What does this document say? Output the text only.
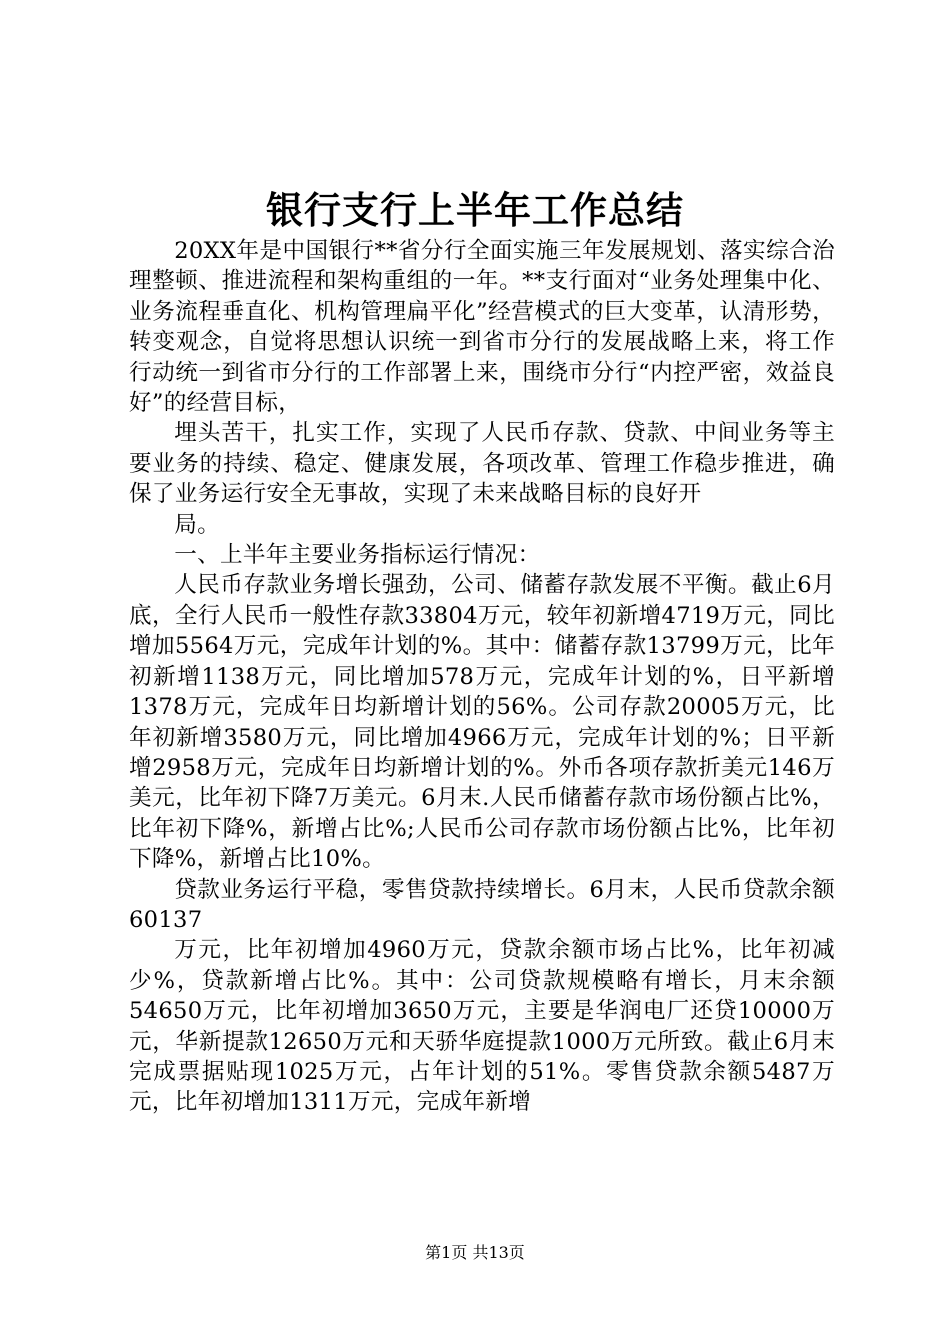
银行支行上半年工作总结

20XX年是中国银行**省分行全面实施三年发展规划、落实综合治理整顿、推进流程和架构重组的一年。**支行面对“业务处理集中化、业务流程垂直化、机构管理扁平化”经营模式的巨大变革，认清形势，转变观念，自觉将思想认识统一到省市分行的发展战略上来，将工作行动统一到省市分行的工作部署上来，围绕市分行“内控严密，效益良好”的经营目标，

埋头苦干，扎实工作，实现了人民币存款、贷款、中间业务等主要业务的持续、稳定、健康发展，各项改革、管理工作稳步推进，确保了业务运行安全无事故，实现了未来战略目标的良好开

局。

一、上半年主要业务指标运行情况：

人民币存款业务增长强劲，公司、储蓄存款发展不平衡。截止6月底，全行人民币一般性存款33804万元，较年初新增4719万元，同比增加5564万元，完成年计划的%。其中：储蓄存款13799万元，比年初新增1138万元，同比增加578万元，完成年计划的%，日平新增1378万元，完成年日均新增计划的56%。公司存款20005万元，比年初新增3580万元，同比增加4966万元，完成年计划的%；日平新增2958万元，完成年日均新增计划的%。外币各项存款折美元146万美元，比年初下降7万美元。6月末.人民币储蓄存款市场份额占比%，比年初下降%，新增占比%;人民币公司存款市场份额占比%，比年初下降%，新增占比10%。

贷款业务运行平稳，零售贷款持续增长。6月末，人民币贷款余额60137

万元，比年初增加4960万元，贷款余额市场占比%，比年初减少%，贷款新增占比%。其中：公司贷款规模略有增长，月末余额54650万元，比年初增加3650万元，主要是华润电厂还贷10000万元，华新提款12650万元和天骄华庭提款1000万元所致。截止6月末完成票据贴现1025万元，占年计划的51%。零售贷款余额5487万元，比年初增加1311万元，完成年新增

第1页 共13页
